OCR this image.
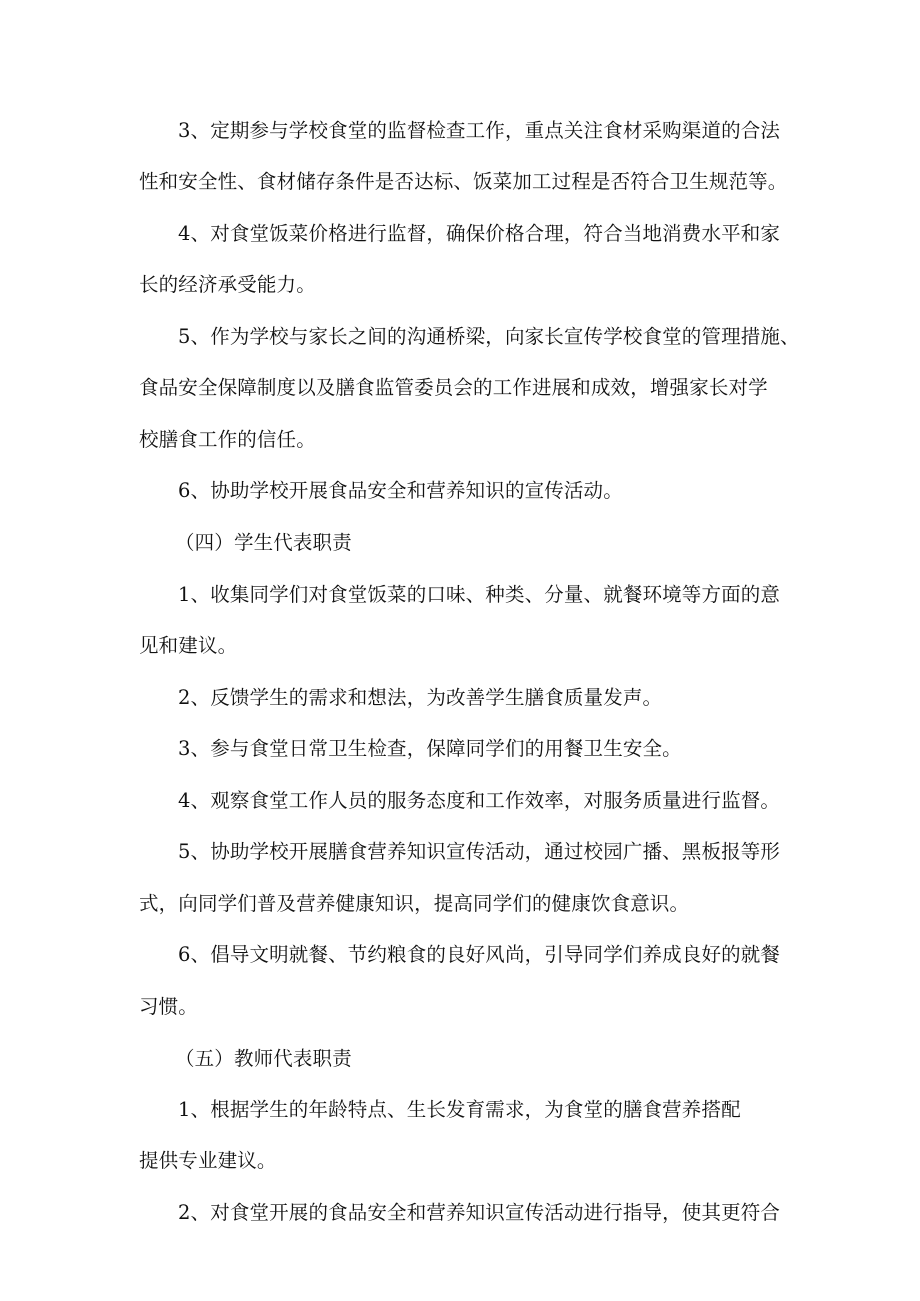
3、定期参与学校食堂的监督检查工作，重点关注食材采购渠道的合法
性和安全性、食材储存条件是否达标、饭菜加工过程是否符合卫生规范等。
4、对食堂饭菜价格进行监督，确保价格合理，符合当地消费水平和家
长的经济承受能力。
5、作为学校与家长之间的沟通桥梁，向家长宣传学校食堂的管理措施、
食品安全保障制度以及膳食监管委员会的工作进展和成效，增强家长对学
校膳食工作的信任。
6、协助学校开展食品安全和营养知识的宣传活动。
（四）学生代表职责
1、收集同学们对食堂饭菜的口味、种类、分量、就餐环境等方面的意
见和建议。
2、反馈学生的需求和想法，为改善学生膳食质量发声。
3、参与食堂日常卫生检查，保障同学们的用餐卫生安全。
4、观察食堂工作人员的服务态度和工作效率，对服务质量进行监督。
5、协助学校开展膳食营养知识宣传活动，通过校园广播、黑板报等形
式，向同学们普及营养健康知识，提高同学们的健康饮食意识。
6、倡导文明就餐、节约粮食的良好风尚，引导同学们养成良好的就餐
习惯。
（五）教师代表职责
1、根据学生的年龄特点、生长发育需求，为食堂的膳食营养搭配
提供专业建议。
2、对食堂开展的食品安全和营养知识宣传活动进行指导，使其更符合
